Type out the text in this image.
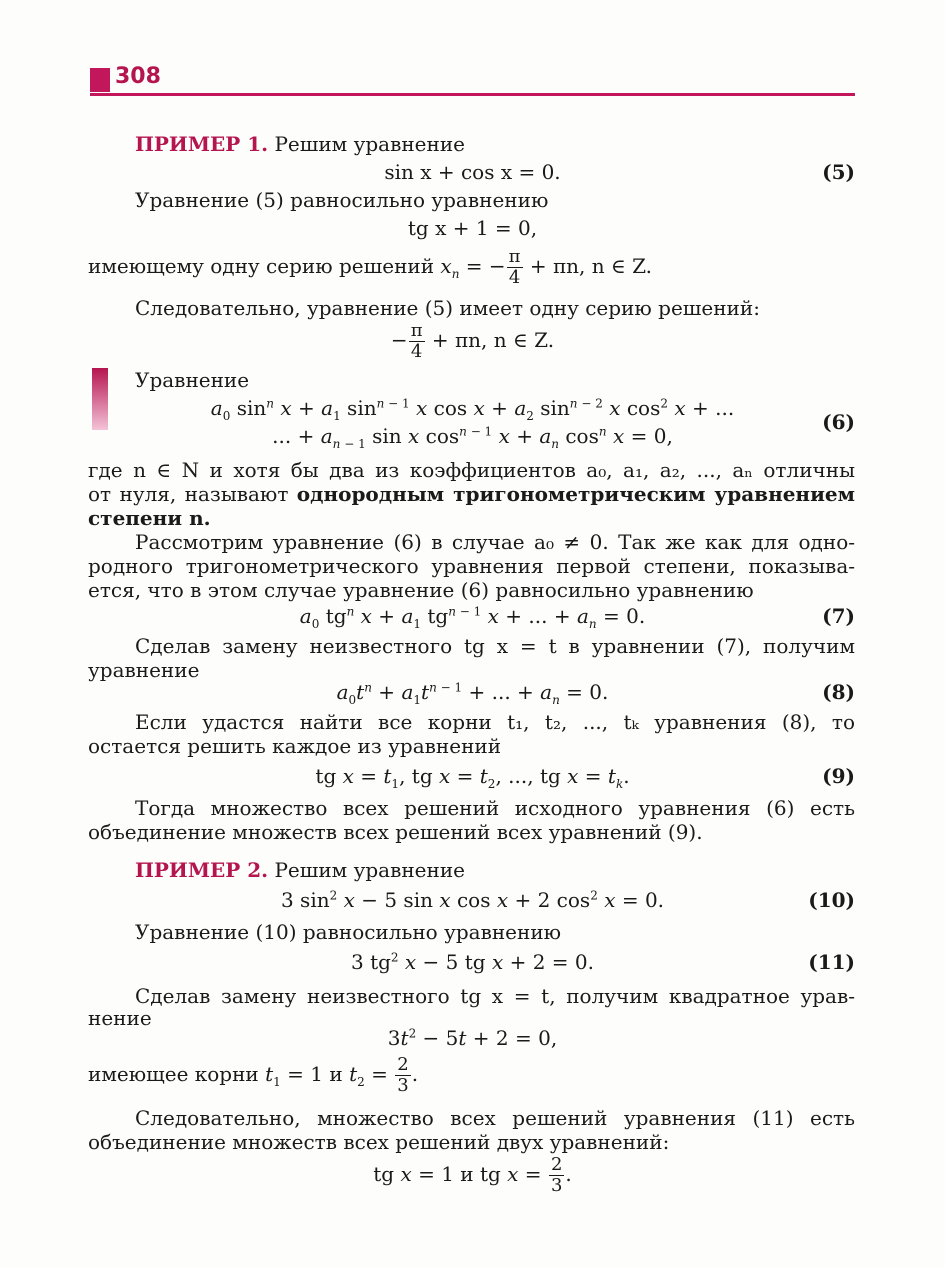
308
ПРИМЕР 1. Решим уравнение
sin x + cos x = 0.	(5)
Уравнение (5) равносильно уравнению
tg x + 1 = 0,
имеющему одну серию решений $x_n$ = − $\frac{\pi}{4} + \pi n$, n ∈ Z.
Следовательно, уравнение (5) имеет одну серию решений:
− $\frac{\pi}{4} + \pi n$, n ∈ Z.
Уравнение
$a_0$ $\sin^n x + a_1$ $\sin^{n - 1} x$ $\cos x + a_2$ $\sin^{n - 2} x$ $\cos^2 x$ + ...
... + $a_{n - 1}$ sin x $\cos^{n - 1} x + a_n$ $\cos^n x = 0$,
(6)
где n ∈ N и хотя бы два из коэффициентов a₀, a₁, a₂, ..., aₙ отличны
от нуля, называют однородным тригонометрическим уравнением
степени n.
Рассмотрим уравнение (6) в случае a₀ ≠ 0. Так же как для одно-
родного тригонометрического уравнения первой степени, показыва-
ется, что в этом случае уравнение (6) равносильно уравнению
$a_0$ $tg^n$ $x + a_1$ $tg^{n - 1}$ x + ... + $a_n = 0$.	(7)
Сделав замену неизвестного tg x = t в уравнении (7), получим
уравнение
$a_0t^n + a_1t^{n - 1}$ + ... + $a_n = 0$.	(8)
Если удастся найти все корни t₁, t₂, ..., tₖ уравнения (8), то
остается решить каждое из уравнений
tg $x = t_1$, tg $x = t_2$, ..., tg $x = t_k$.	(9)
Тогда множество всех решений исходного уравнения (6) есть
объединение множеств всех решений всех уравнений (9).
ПРИМЕР 2. Решим уравнение
3 $\sin^2 x - 5$ sin x cos x + 2 $\cos^2 x = 0$.	(10)
Уравнение (10) равносильно уравнению
3 $tg^2$ x − 5 tg x + 2 = 0.	(11)
Сделав замену неизвестного tg x = t, получим квадратное урав-
нение
$3t^2 - 5t + 2 = 0$,
имеющее корни $t_1 = 1$ и $t_2 = \frac{2}{3}$ .
Следовательно, множество всех решений уравнения (11) есть
объединение множеств всех решений двух уравнений:
tg x = 1 и tg $x = \frac{2}{3}$ .
